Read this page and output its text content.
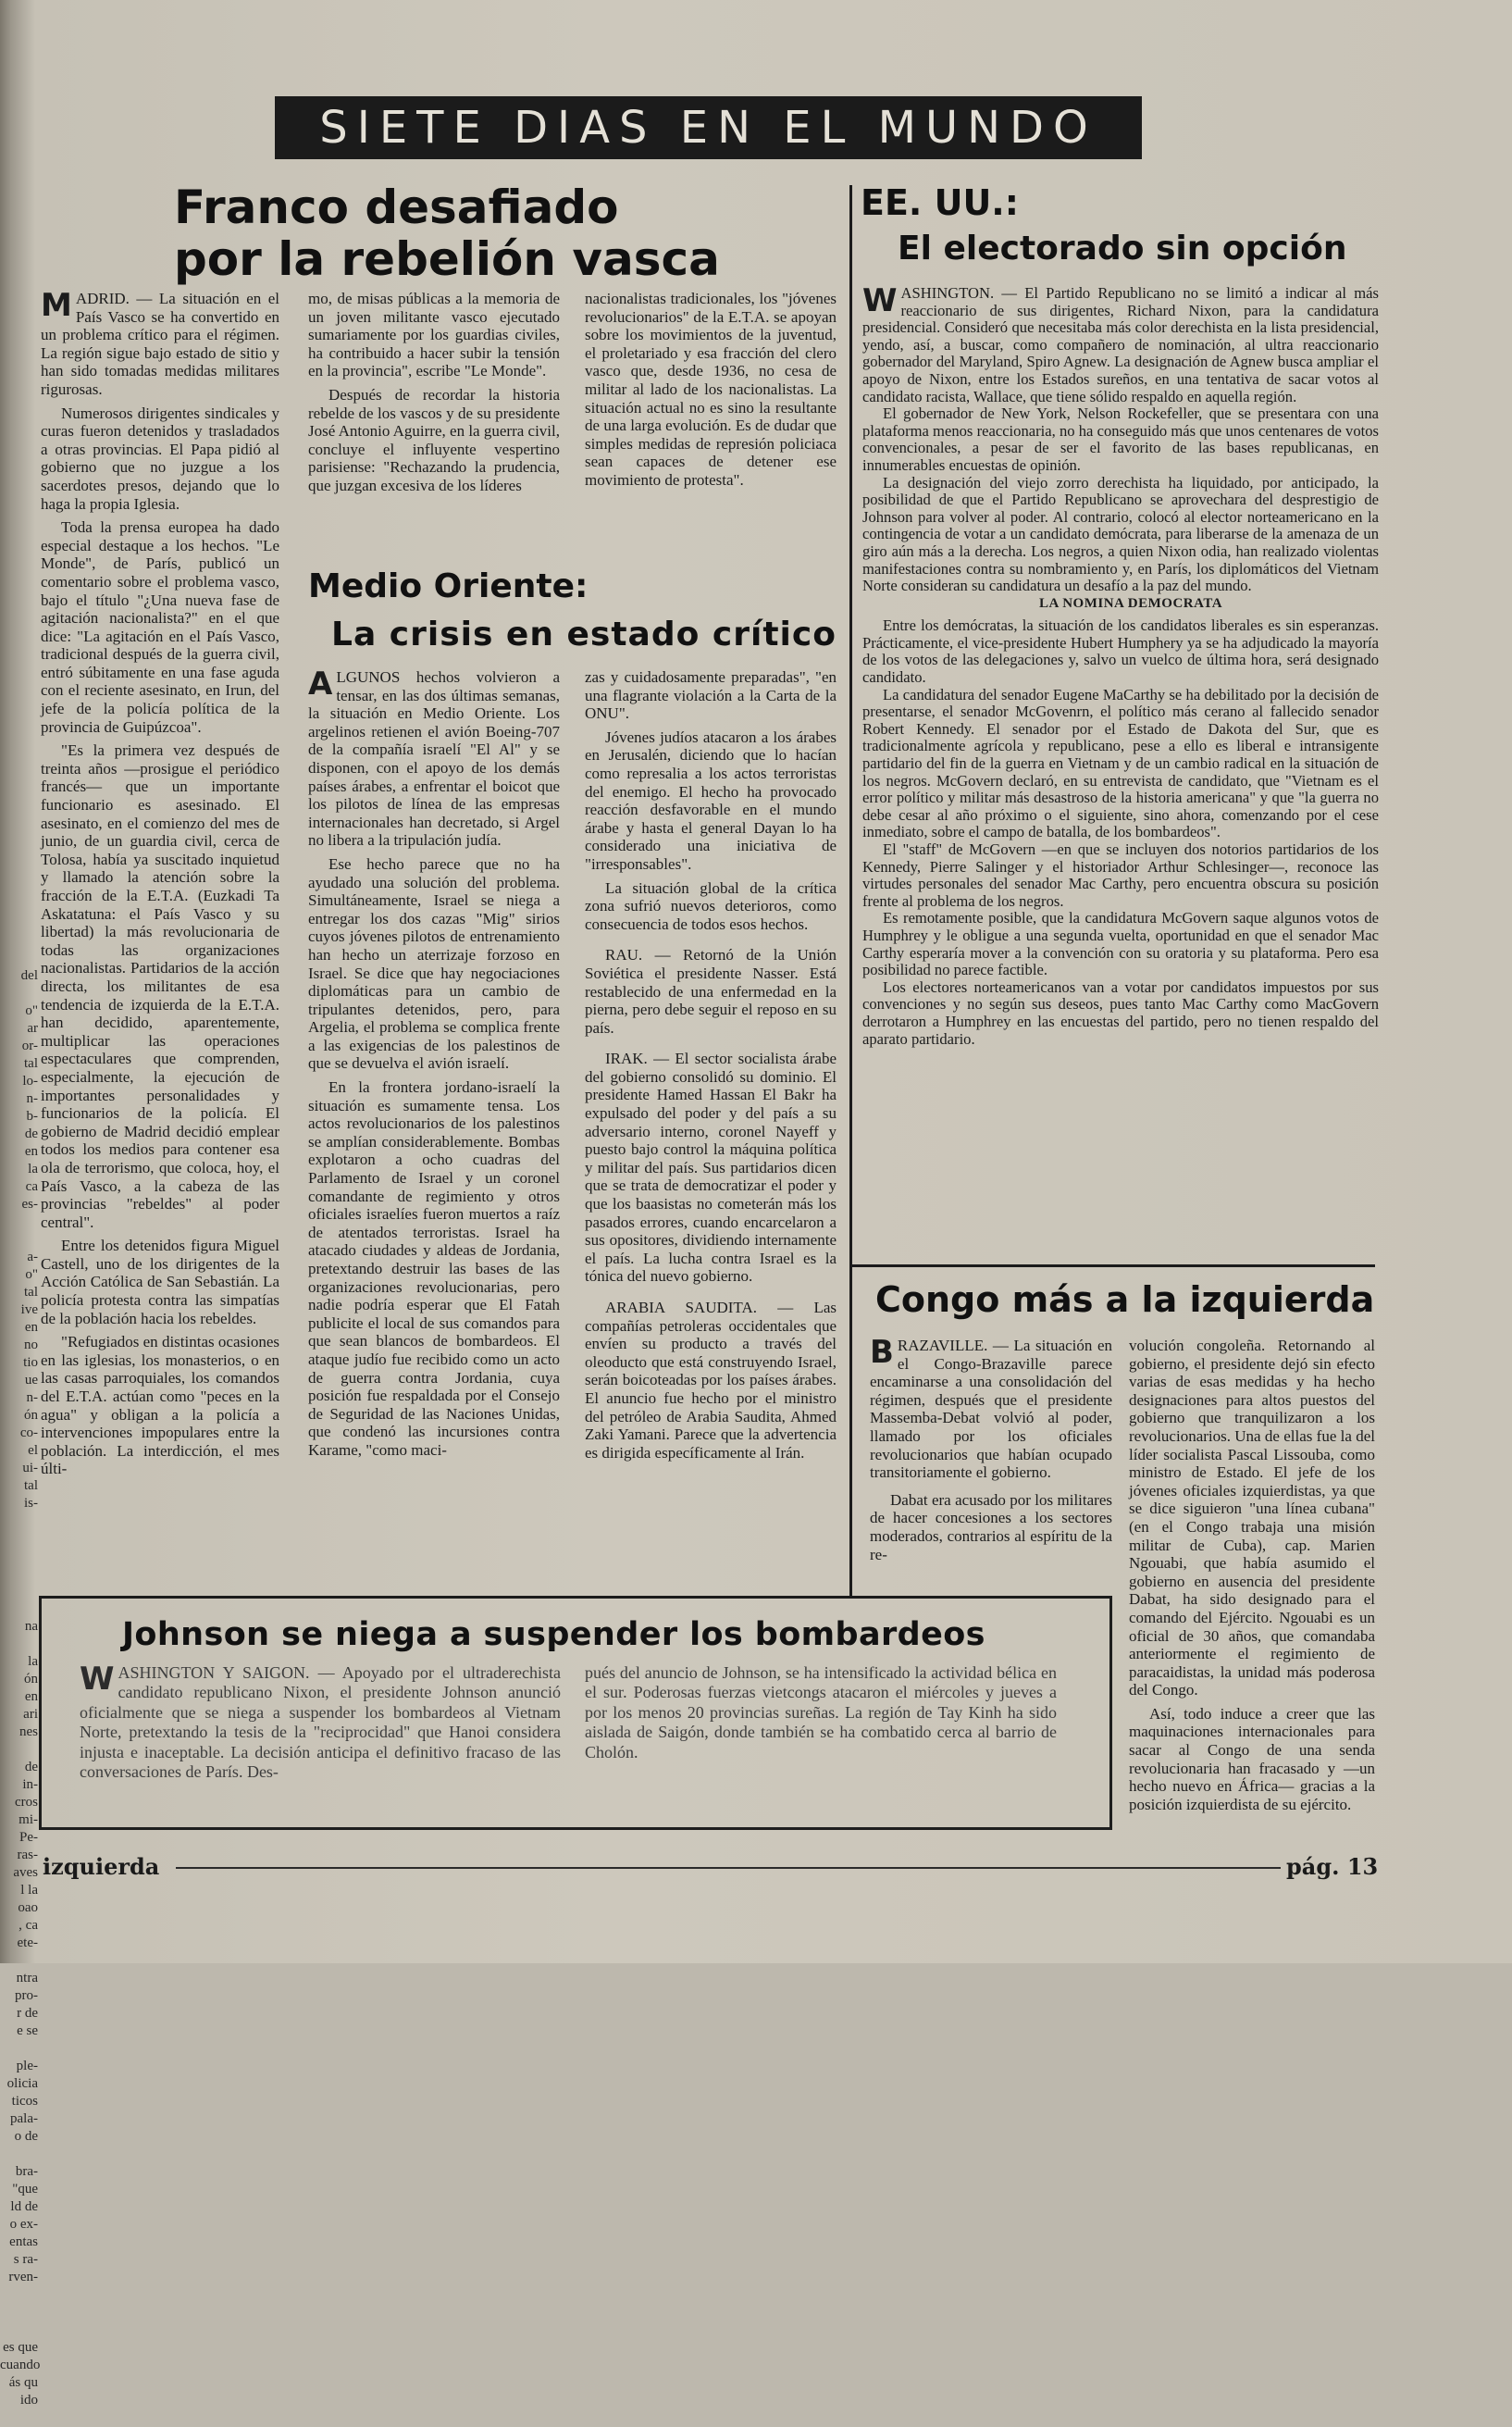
del

o"
ar
or-
tal
lo-
n-
b-
de
en
la
ca
es-

a-
o"
tal
ive
en
no
tio
ue
n-
ón
co-
el
ui-
tal
is-

na

la
ón
en
ari
nes

de
in-
cros
mi-
Pe-
ras-
aves
l la
oao
, ca
ete-

ntra
pro-
r de
e se

ple-
olicia
ticos
pala-
o de

bra-
"que
ld de
o ex-
entas
s ra-
rven-

es que
cuando
ás qu
ido

SIETE DIAS EN EL MUNDO
Franco desafiado
por la rebelión vasca

MADRID. — La situación en el País Vasco se ha convertido en un problema crítico para el régimen. La región sigue bajo estado de sitio y han sido tomadas medidas militares rigurosas.

Numerosos dirigentes sindicales y curas fueron detenidos y trasladados a otras provincias. El Papa pidió al gobierno que no juzgue a los sacerdotes presos, dejando que lo haga la propia Iglesia.

Toda la prensa europea ha dado especial destaque a los hechos. "Le Monde", de París, publicó un comentario sobre el problema vasco, bajo el título "¿Una nueva fase de agitación nacionalista?" en el que dice: "La agitación en el País Vasco, tradicional después de la guerra civil, entró súbitamente en una fase aguda con el reciente asesinato, en Irun, del jefe de la policía política de la provincia de Guipúzcoa".

"Es la primera vez después de treinta años —prosigue el periódico francés— que un importante funcionario es asesinado. El asesinato, en el comienzo del mes de junio, de un guardia civil, cerca de Tolosa, había ya suscitado inquietud y llamado la atención sobre la fracción de la E.T.A. (Euzkadi Ta Askatatuna: el País Vasco y su libertad) la más revolucionaria de todas las organizaciones nacionalistas. Partidarios de la acción directa, los militantes de esa tendencia de izquierda de la E.T.A. han decidido, aparentemente, multiplicar las operaciones espectaculares que comprenden, especialmente, la ejecución de importantes personalidades y funcionarios de la policía. El gobierno de Madrid decidió emplear todos los medios para contener esa ola de terrorismo, que coloca, hoy, el País Vasco, a la cabeza de las provincias "rebeldes" al poder central".

Entre los detenidos figura Miguel Castell, uno de los dirigentes de la Acción Católica de San Sebastián. La policía protesta contra las simpatías de la población hacia los rebeldes.

"Refugiados en distintas ocasiones en las iglesias, los monasterios, o en las casas parroquiales, los comandos del E.T.A. actúan como "peces en la agua" y obligan a la policía a intervenciones impopulares entre la población. La interdicción, el mes últi-

mo, de misas públicas a la memoria de un joven militante vasco ejecutado sumariamente por los guardias civiles, ha contribuido a hacer subir la tensión en la provincia", escribe "Le Monde".

Después de recordar la historia rebelde de los vascos y de su presidente José Antonio Aguirre, en la guerra civil, concluye el influyente vespertino parisiense: "Rechazando la prudencia, que juzgan excesiva de los líderes

nacionalistas tradicionales, los "jóvenes revolucionarios" de la E.T.A. se apoyan sobre los movimientos de la juventud, el proletariado y esa fracción del clero vasco que, desde 1936, no cesa de militar al lado de los nacionalistas. La situación actual no es sino la resultante de una larga evolución. Es de dudar que simples medidas de represión policiaca sean capaces de detener ese movimiento de protesta".

Medio Oriente:
La crisis en estado crítico

ALGUNOS hechos volvieron a tensar, en las dos últimas semanas, la situación en Medio Oriente. Los argelinos retienen el avión Boeing-707 de la compañía israelí "El Al" y se disponen, con el apoyo de los demás países árabes, a enfrentar el boicot que los pilotos de línea de las empresas internacionales han decretado, si Argel no libera a la tripulación judía.

Ese hecho parece que no ha ayudado una solución del problema. Simultáneamente, Israel se niega a entregar los dos cazas "Mig" sirios cuyos jóvenes pilotos de entrenamiento han hecho un aterrizaje forzoso en Israel. Se dice que hay negociaciones diplomáticas para un cambio de tripulantes detenidos, pero, para Argelia, el problema se complica frente a las exigencias de los palestinos de que se devuelva el avión israelí.

En la frontera jordano-israelí la situación es sumamente tensa. Los actos revolucionarios de los palestinos se amplían considerablemente. Bombas explotaron a ocho cuadras del Parlamento de Israel y un coronel comandante de regimiento y otros oficiales israelíes fueron muertos a raíz de atentados terroristas. Israel ha atacado ciudades y aldeas de Jordania, pretextando destruir las bases de las organizaciones revolucionarias, pero nadie podría esperar que El Fatah publicite el local de sus comandos para que sean blancos de bombardeos. El ataque judío fue recibido como un acto de guerra contra Jordania, cuya posición fue respaldada por el Consejo de Seguridad de las Naciones Unidas, que condenó las incursiones contra Karame, "como maci-

zas y cuidadosamente preparadas", "en una flagrante violación a la Carta de la ONU".

Jóvenes judíos atacaron a los árabes en Jerusalén, diciendo que lo hacían como represalia a los actos terroristas del enemigo. El hecho ha provocado reacción desfavorable en el mundo árabe y hasta el general Dayan lo ha considerado una iniciativa de "irresponsables".

La situación global de la crítica zona sufrió nuevos deterioros, como consecuencia de todos esos hechos.

RAU. — Retornó de la Unión Soviética el presidente Nasser. Está restablecido de una enfermedad en la pierna, pero debe seguir el reposo en su país.

IRAK. — El sector socialista árabe del gobierno consolidó su dominio. El presidente Hamed Hassan El Bakr ha expulsado del poder y del país a su adversario interno, coronel Nayeff y puesto bajo control la máquina política y militar del país. Sus partidarios dicen que se trata de democratizar el poder y que los baasistas no cometerán más los pasados errores, cuando encarcelaron a sus opositores, dividiendo internamente el país. La lucha contra Israel es la tónica del nuevo gobierno.

ARABIA SAUDITA. — Las compañías petroleras occidentales que envíen su producto a través del oleoducto que está construyendo Israel, serán boicoteadas por los países árabes. El anuncio fue hecho por el ministro del petróleo de Arabia Saudita, Ahmed Zaki Yamani. Parece que la advertencia es dirigida específicamente al Irán.

EE. UU.:
El electorado sin opción

WASHINGTON. — El Partido Republicano no se limitó a indicar al más reaccionario de sus dirigentes, Richard Nixon, para la candidatura presidencial. Consideró que necesitaba más color derechista en la lista presidencial, yendo, así, a buscar, como compañero de nominación, al ultra reaccionario gobernador del Maryland, Spiro Agnew. La designación de Agnew busca ampliar el apoyo de Nixon, entre los Estados sureños, en una tentativa de sacar votos al candidato racista, Wallace, que tiene sólido respaldo en aquella región.

El gobernador de New York, Nelson Rockefeller, que se presentara con una plataforma menos reaccionaria, no ha conseguido más que unos centenares de votos convencionales, a pesar de ser el favorito de las bases republicanas, en innumerables encuestas de opinión.

La designación del viejo zorro derechista ha liquidado, por anticipado, la posibilidad de que el Partido Republicano se aprovechara del desprestigio de Johnson para volver al poder. Al contrario, colocó al elector norteamericano en la contingencia de votar a un candidato demócrata, para liberarse de la amenaza de un giro aún más a la derecha. Los negros, a quien Nixon odia, han realizado violentas manifestaciones contra su nombramiento y, en París, los diplomáticos del Vietnam Norte consideran su candidatura un desafío a la paz del mundo.

LA NOMINA DEMOCRATA

Entre los demócratas, la situación de los candidatos liberales es sin esperanzas. Prácticamente, el vice-presidente Hubert Humphery ya se ha adjudicado la mayoría de los votos de las delegaciones y, salvo un vuelco de última hora, será designado candidato.

La candidatura del senador Eugene MaCarthy se ha debilitado por la decisión de presentarse, el senador McGovenrn, el político más cerano al fallecido senador Robert Kennedy. El senador por el Estado de Dakota del Sur, que es tradicionalmente agrícola y republicano, pese a ello es liberal e intransigente partidario del fin de la guerra en Vietnam y de un cambio radical en la situación de los negros. McGovern declaró, en su entrevista de candidato, que "Vietnam es el error político y militar más desastroso de la historia americana" y que "la guerra no debe cesar al año próximo o el siguiente, sino ahora, comenzando por el cese inmediato, sobre el campo de batalla, de los bombardeos".

El "staff" de McGovern —en que se incluyen dos notorios partidarios de los Kennedy, Pierre Salinger y el historiador Arthur Schlesinger—, reconoce las virtudes personales del senador Mac Carthy, pero encuentra obscura su posición frente al problema de los negros.

Es remotamente posible, que la candidatura McGovern saque algunos votos de Humphrey y le obligue a una segunda vuelta, oportunidad en que el senador Mac Carthy esperaría mover a la convención con su oratoria y su plataforma. Pero esa posibilidad no parece factible.

Los electores norteamericanos van a votar por candidatos impuestos por sus convenciones y no según sus deseos, pues tanto Mac Carthy como MacGovern derrotaron a Humphrey en las encuestas del partido, pero no tienen respaldo del aparato partidario.

Congo más a la izquierda

BRAZAVILLE. — La situación en el Congo-Brazaville parece encaminarse a una consolidación del régimen, después que el presidente Massemba-Debat volvió al poder, llamado por los oficiales revolucionarios que habían ocupado transitoriamente el gobierno.

Dabat era acusado por los militares de hacer concesiones a los sectores moderados, contrarios al espíritu de la re-

volución congoleña. Retornando al gobierno, el presidente dejó sin efecto varias de esas medidas y ha hecho designaciones para altos puestos del gobierno que tranquilizaron a los revolucionarios. Una de ellas fue la del líder socialista Pascal Lissouba, como ministro de Estado. El jefe de los jóvenes oficiales izquierdistas, ya que se dice siguieron "una línea cubana" (en el Congo trabaja una misión militar de Cuba), cap. Marien Ngouabi, que había asumido el gobierno en ausencia del presidente Dabat, ha sido designado para el comando del Ejército. Ngouabi es un oficial de 30 años, que comandaba anteriormente el regimiento de paracaidistas, la unidad más poderosa del Congo.

Así, todo induce a creer que las maquinaciones internacionales para sacar al Congo de una senda revolucionaria han fracasado y —un hecho nuevo en África— gracias a la posición izquierdista de su ejército.

Johnson se niega a suspender los bombardeos

WASHINGTON Y SAIGON. — Apoyado por el ultraderechista candidato republicano Nixon, el presidente Johnson anunció oficialmente que se niega a suspender los bombardeos al Vietnam Norte, pretextando la tesis de la "reciprocidad" que Hanoi considera injusta e inaceptable. La decisión anticipa el definitivo fracaso de las conversaciones de París. Des-

pués del anuncio de Johnson, se ha intensificado la actividad bélica en el sur. Poderosas fuerzas vietcongs atacaron el miércoles y jueves a por los menos 20 provincias sureñas. La región de Tay Kinh ha sido aislada de Saigón, donde también se ha combatido cerca al barrio de Cholón.

izquierda	pág. 13
